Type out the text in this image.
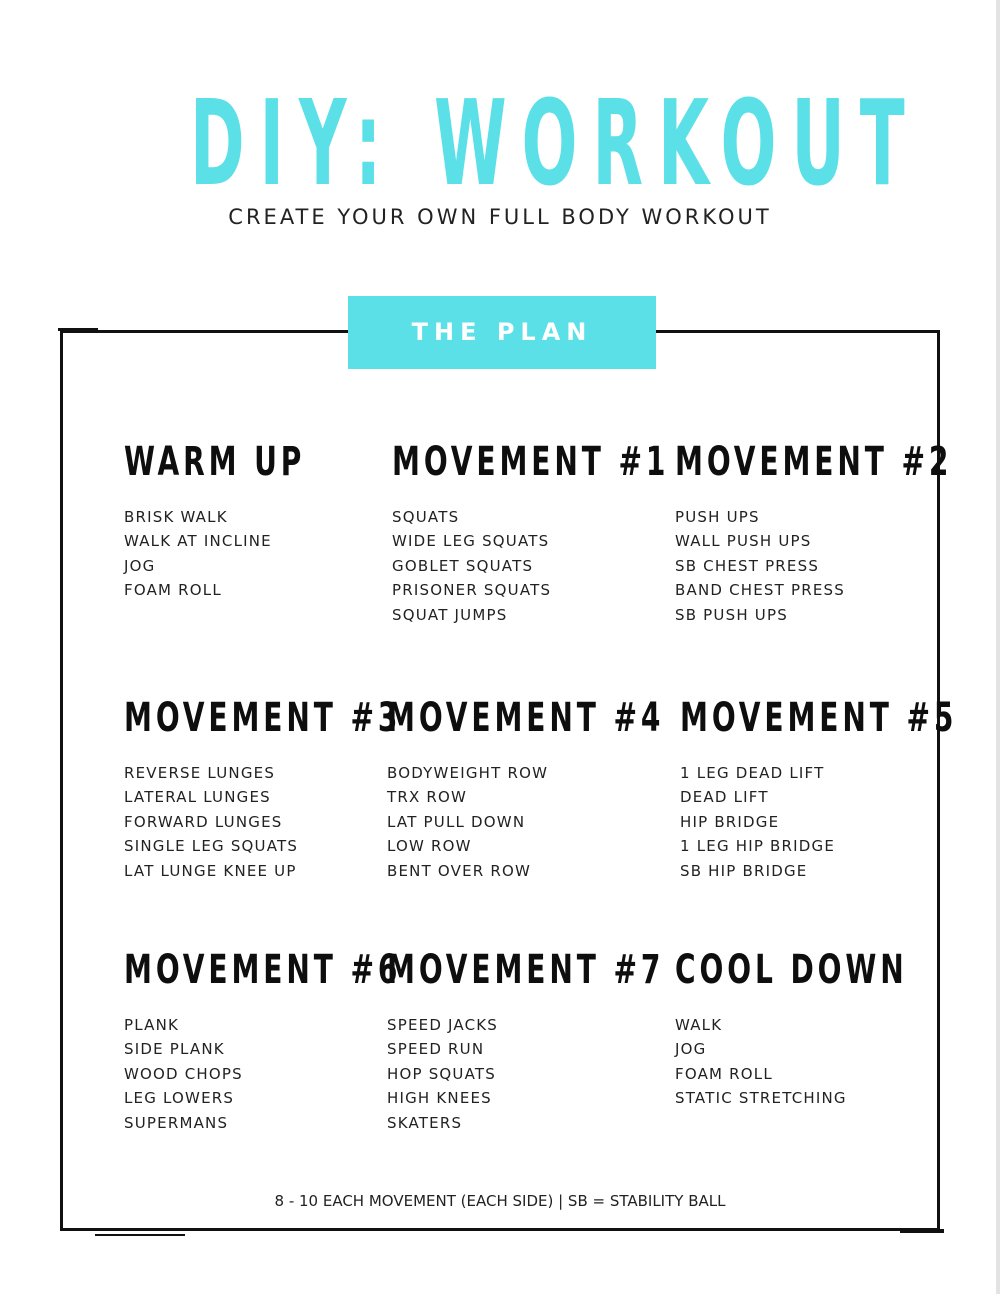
DIY: WORKOUT
CREATE YOUR OWN FULL BODY WORKOUT
THE PLAN
WARM UP
BRISK WALK
WALK AT INCLINE
JOG
FOAM ROLL
MOVEMENT #1
SQUATS
WIDE LEG SQUATS
GOBLET SQUATS
PRISONER SQUATS
SQUAT JUMPS
MOVEMENT #2
PUSH UPS
WALL PUSH UPS
SB CHEST PRESS
BAND CHEST PRESS
SB PUSH UPS
MOVEMENT #3
REVERSE LUNGES
LATERAL LUNGES
FORWARD LUNGES
SINGLE LEG SQUATS
LAT LUNGE KNEE UP
MOVEMENT #4
BODYWEIGHT ROW
TRX ROW
LAT PULL DOWN
LOW ROW
BENT OVER ROW
MOVEMENT #5
1 LEG DEAD LIFT
DEAD LIFT
HIP BRIDGE
1 LEG HIP BRIDGE
SB HIP BRIDGE
MOVEMENT #6
PLANK
SIDE PLANK
WOOD CHOPS
LEG LOWERS
SUPERMANS
MOVEMENT #7
SPEED JACKS
SPEED RUN
HOP SQUATS
HIGH KNEES
SKATERS
COOL DOWN
WALK
JOG
FOAM ROLL
STATIC STRETCHING
8 - 10 EACH MOVEMENT (EACH SIDE) | SB = STABILITY BALL
